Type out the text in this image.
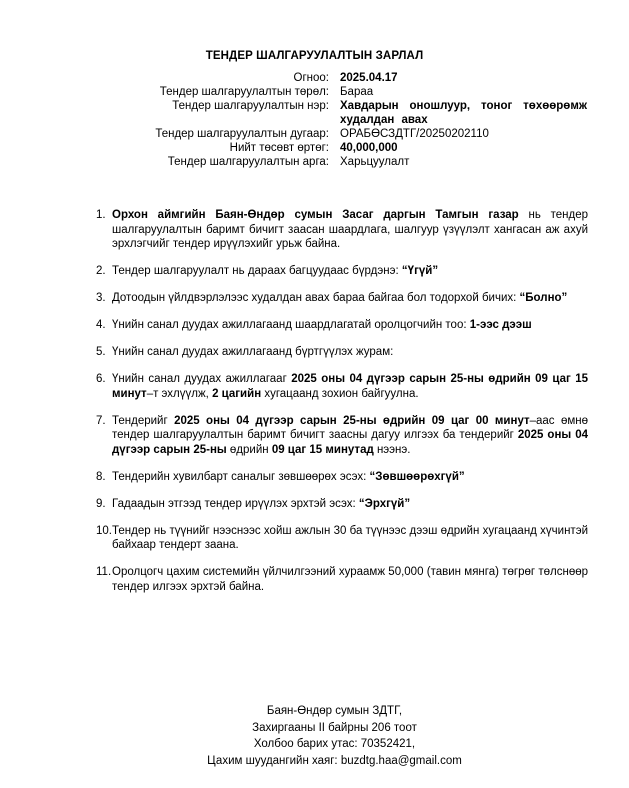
ТЕНДЕР ШАЛГАРУУЛАЛТЫН ЗАРЛАЛ
Огноо: 2025.04.17
Тендер шалгаруулалтын төрөл: Бараа
Тендер шалгаруулалтын нэр: Хавдарын оношлуур, тоног төхөөрөмж худалдан авах
Тендер шалгаруулалтын дугаар: ОРАБӨСЗДТГ/20250202110
Нийт төсөвт өртөг: 40,000,000
Тендер шалгаруулалтын арга: Харьцуулалт
1. Орхон аймгийн Баян-Өндөр сумын Засаг даргын Тамгын газар нь тендер шалгаруулалтын баримт бичигт заасан шаардлага, шалгуур үзүүлэлт хангасан аж ахуй эрхлэгчийг тендер ирүүлэхийг урьж байна.
2. Тендер шалгаруулалт нь дараах багцуудаас бүрдэнэ: “Үгүй”
3. Дотоодын үйлдвэрлэлээс худалдан авах бараа байгаа бол тодорхой бичих: “Болно”
4. Үнийн санал дуудах ажиллагаанд шаардлагатай оролцогчийн тоо: 1-ээс дээш
5. Үнийн санал дуудах ажиллагаанд бүртгүүлэх журам:
6. Үнийн санал дуудах ажиллагааг 2025 оны 04 дүгээр сарын 25-ны өдрийн 09 цаг 15 минут–т эхлүүлж, 2 цагийн хугацаанд зохион байгуулна.
7. Тендерийг 2025 оны 04 дүгээр сарын 25-ны өдрийн 09 цаг 00 минут–аас өмнө тендер шалгаруулалтын баримт бичигт заасны дагуу илгээх ба тендерийг 2025 оны 04 дүгээр сарын 25-ны өдрийн 09 цаг 15 минутад нээнэ.
8. Тендерийн хувилбарт саналыг зөвшөөрөх эсэх: “Зөвшөөрөхгүй”
9. Гадаадын этгээд тендер ирүүлэх эрхтэй эсэх: “Эрхгүй”
10. Тендер нь түүнийг нээснээс хойш ажлын 30 ба түүнээс дээш өдрийн хугацаанд хүчинтэй байхаар тендерт заана.
11. Оролцогч цахим системийн үйлчилгээний хураамж 50,000 (тавин мянга) төгрөг төлснөөр тендер илгээх эрхтэй байна.
Баян-Өндөр сумын ЗДТГ,
Захиргааны II байрны 206 тоот
Холбоо барих утас: 70352421,
Цахим шуудангийн хаяг: buzdtg.haa@gmail.com
